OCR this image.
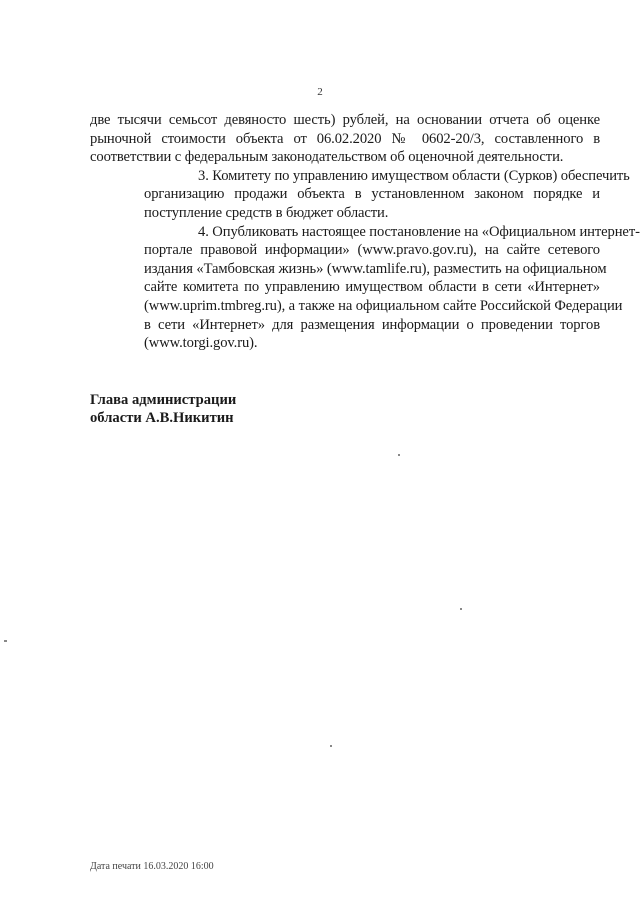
2

две тысячи семьсот девяносто шесть) рублей, на основании отчета об оценке
рыночной стоимости объекта от 06.02.2020 № 0602-20/3, составленного в
соответствии с федеральным законодательством об оценочной деятельности.

3. Комитету по управлению имуществом области (Сурков) обеспечить
организацию продажи объекта в установленном законом порядке и
поступление средств в бюджет области.

4. Опубликовать настоящее постановление на «Официальном интернет-
портале правовой информации» (www.pravo.gov.ru), на сайте сетевого
издания «Тамбовская жизнь» (www.tamlife.ru), разместить на официальном
сайте комитета по управлению имуществом области в сети «Интернет»
(www.uprim.tmbreg.ru), а также на официальном сайте Российской Федерации
в сети «Интернет» для размещения информации о проведении торгов
(www.torgi.gov.ru).

Глава администрации
области А.В.Никитин
Дата печати 16.03.2020 16:00
